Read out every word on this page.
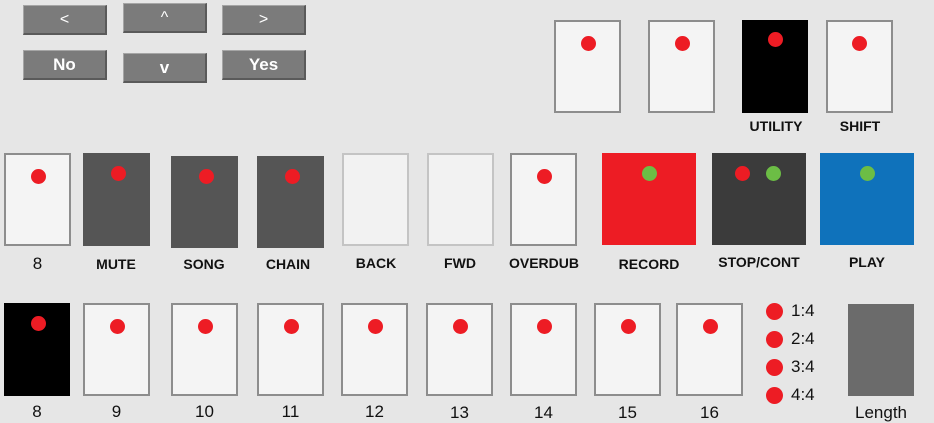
<	^	>
No	v	Yes
UTILITY	SHIFT
8	MUTE	SONG	CHAIN	BACK	FWD	OVERDUB	RECORD	STOP/CONT	PLAY
8	9	10	11	12	13	14	15	16
1:4
2:4
3:4
4:4
Length
